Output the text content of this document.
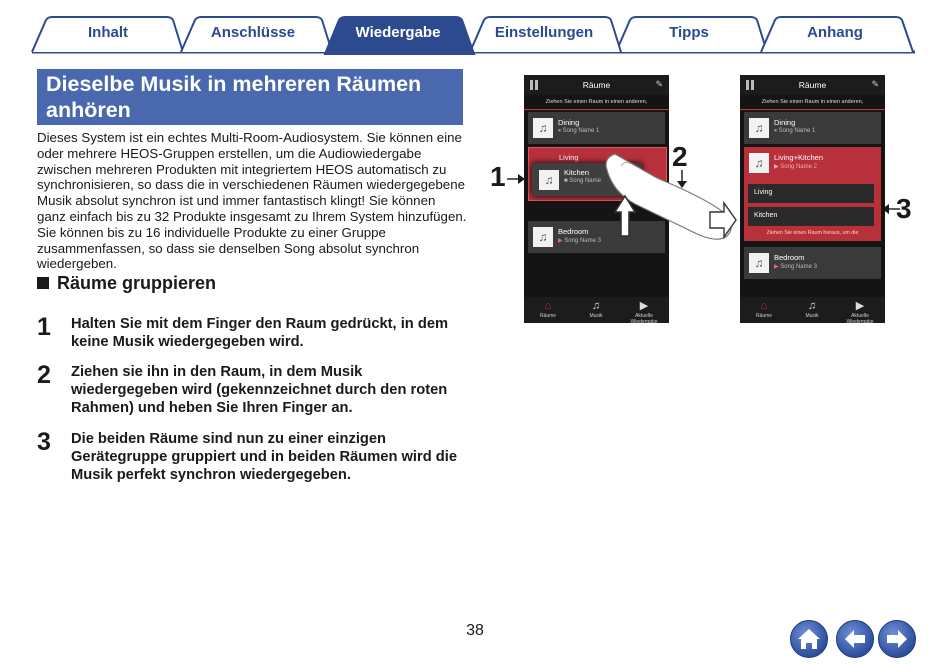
Inhalt	Anschlüsse	Wiedergabe	Einstellungen	Tipps	Anhang
Dieselbe Musik in mehreren Räumen anhören
Dieses System ist ein echtes Multi-Room-Audiosystem. Sie können eine oder mehrere HEOS-Gruppen erstellen, um die Audiowiedergabe zwischen mehreren Produkten mit integriertem HEOS automatisch zu synchronisieren, so dass die in verschiedenen Räumen wiedergegebene Musik absolut synchron ist und immer fantastisch klingt! Sie können ganz einfach bis zu 32 Produkte insgesamt zu Ihrem System hinzufügen. Sie können bis zu 16 individuelle Produkte zu einer Gruppe zusammenfassen, so dass sie denselben Song absolut synchron wiedergeben.
Räume gruppieren
1 Halten Sie mit dem Finger den Raum gedrückt, in dem keine Musik wiedergegeben wird.
2 Ziehen sie ihn in den Raum, in dem Musik wiedergegeben wird (gekennzeichnet durch den roten Rahmen) und heben Sie Ihren Finger an.
3 Die beiden Räume sind nun zu einer einzigen Gerätegruppe gruppiert und in beiden Räumen wird die Musik perfekt synchron wiedergegeben.
Räume	✎
Ziehen Sie einen Raum in einen anderen,
♫	Dining
⏸ Song Name 1
Living
♫
Kitchen
■ Song Name
♫	Bedroom
▶ Song Name 3
⌂
Räume
♫
Musik
▶
Aktuelle Wiedergabe
1
2
3
Räume	✎
Ziehen Sie einen Raum in einen anderen,
♫	Dining
⏸ Song Name 1
♫	Living+Kitchen
▶ Song Name 2
Living
Kitchen
Ziehen Sie einen Raum heraus, um die
♫	Bedroom
▶ Song Name 3
⌂
Räume
♫
Musik
▶
Aktuelle Wiedergabe
38
